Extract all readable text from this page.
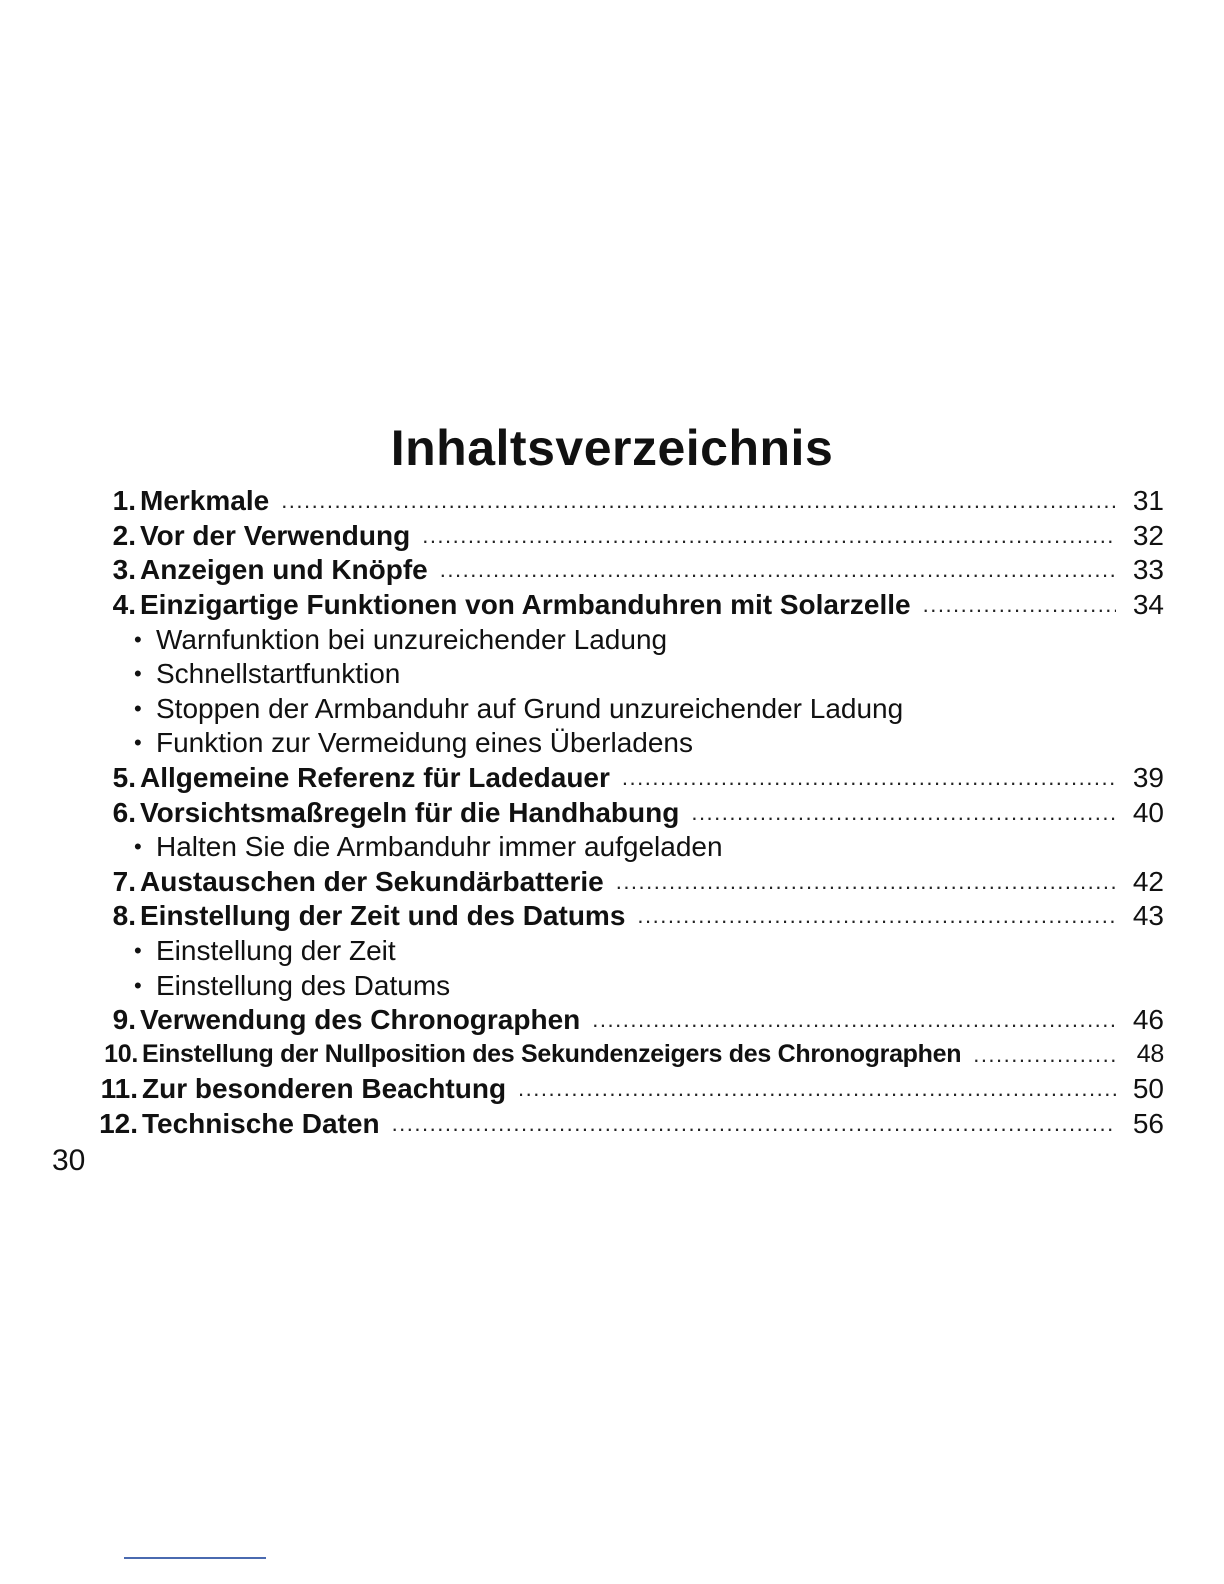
Inhaltsverzeichnis
1. Merkmale .....	31
2. Vor der Verwendung .....	32
3. Anzeigen und Knöpfe .....	33
4. Einzigartige Funktionen von Armbanduhren mit Solarzelle .....	34
• Warnfunktion bei unzureichender Ladung
• Schnellstartfunktion
• Stoppen der Armbanduhr auf Grund unzureichender Ladung
• Funktion zur Vermeidung eines Überladens
5. Allgemeine Referenz für Ladedauer .....	39
6. Vorsichtsmaßregeln für die Handhabung .....	40
• Halten Sie die Armbanduhr immer aufgeladen
7. Austauschen der Sekundärbatterie .....	42
8. Einstellung der Zeit und des Datums .....	43
• Einstellung der Zeit
• Einstellung des Datums
9. Verwendung des Chronographen .....	46
10. Einstellung der Nullposition des Sekundenzeigers des Chronographen .....	48
11. Zur besonderen Beachtung .....	50
12. Technische Daten .....	56
30
